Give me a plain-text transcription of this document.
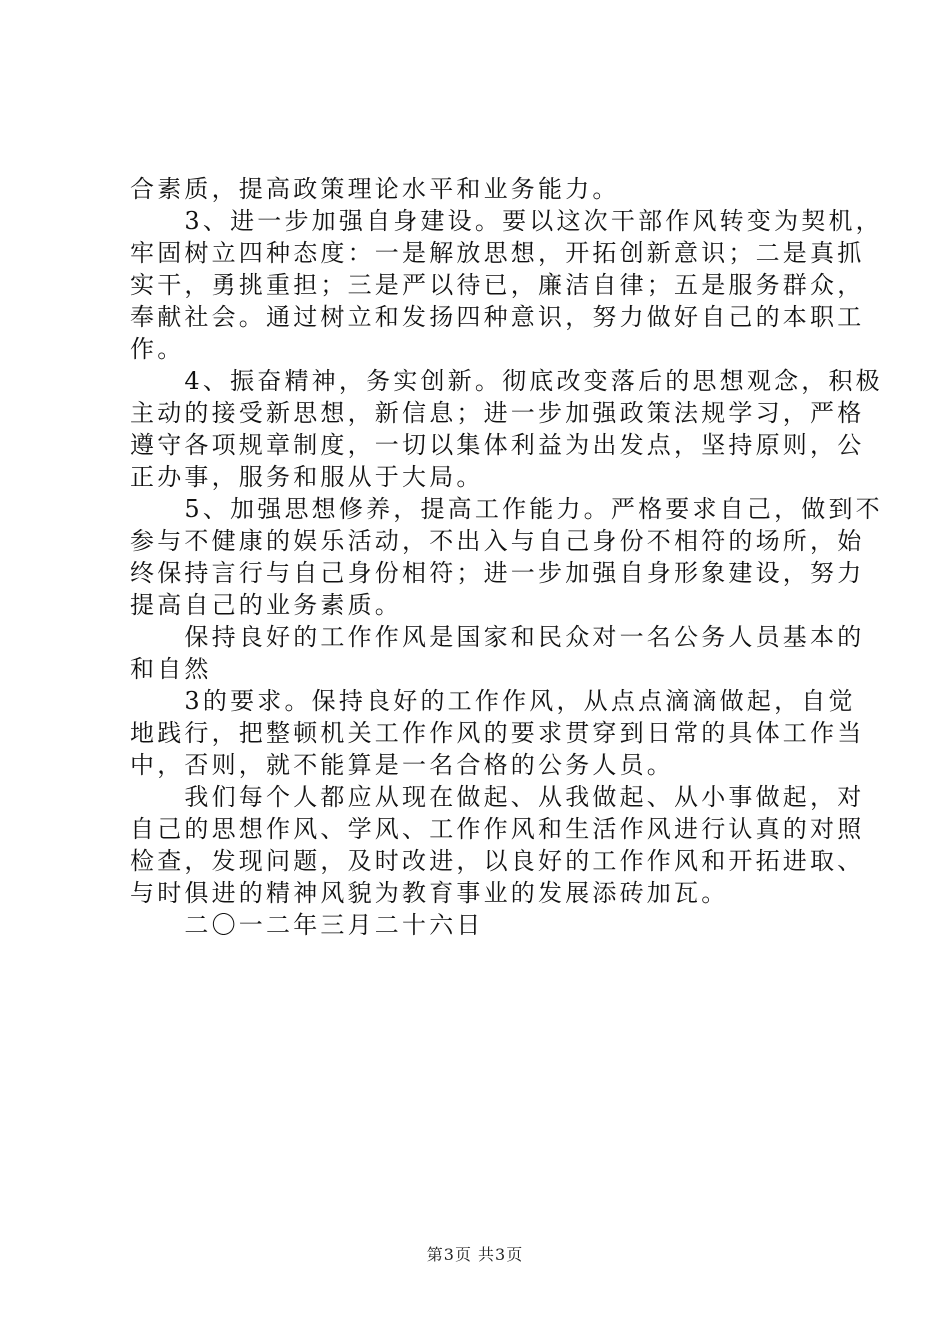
合素质，提高政策理论水平和业务能力。
　　3、进一步加强自身建设。要以这次干部作风转变为契机，
牢固树立四种态度：一是解放思想，开拓创新意识；二是真抓
实干，勇挑重担；三是严以待已，廉洁自律；五是服务群众，
奉献社会。通过树立和发扬四种意识，努力做好自己的本职工
作。
　　4、振奋精神，务实创新。彻底改变落后的思想观念，积极
主动的接受新思想，新信息；进一步加强政策法规学习，严格
遵守各项规章制度，一切以集体利益为出发点，坚持原则，公
正办事，服务和服从于大局。
　　5、加强思想修养，提高工作能力。严格要求自己，做到不
参与不健康的娱乐活动，不出入与自己身份不相符的场所，始
终保持言行与自己身份相符；进一步加强自身形象建设，努力
提高自己的业务素质。
　　保持良好的工作作风是国家和民众对一名公务人员基本的
和自然
　　3的要求。保持良好的工作作风，从点点滴滴做起，自觉
地践行，把整顿机关工作作风的要求贯穿到日常的具体工作当
中，否则，就不能算是一名合格的公务人员。
　　我们每个人都应从现在做起、从我做起、从小事做起，对
自己的思想作风、学风、工作作风和生活作风进行认真的对照
检查，发现问题，及时改进，以良好的工作作风和开拓进取、
与时俱进的精神风貌为教育事业的发展添砖加瓦。
　　二〇一二年三月二十六日
第3页 共3页
